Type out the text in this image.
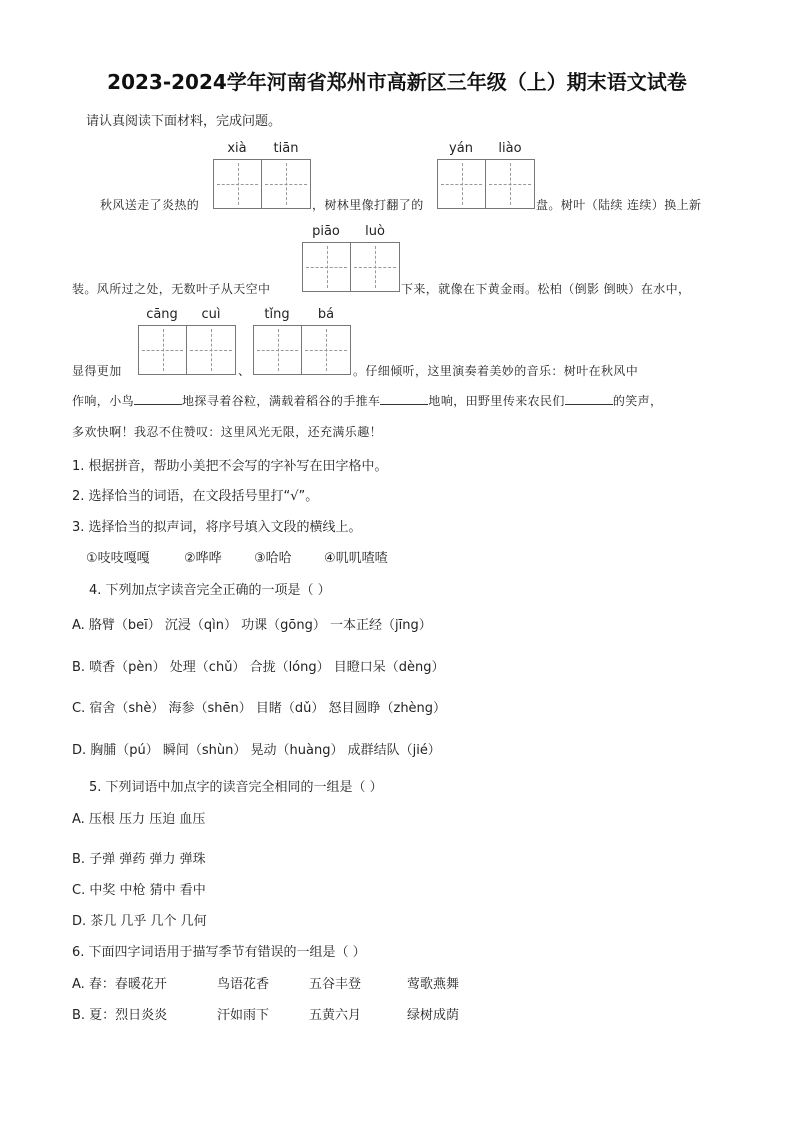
2023-2024学年河南省郑州市高新区三年级（上）期末语文试卷
请认真阅读下面材料，完成问题。
xià	tiān	yán	liào
秋风送走了炎热的	，树林里像打翻了的	盘。树叶（陆续 连续）换上新
piāo	luò
装。风所过之处，无数叶子从天空中	下来，就像在下黄金雨。松柏（倒影 倒映）在水中，
cāng	cuì	tǐng	bá
显得更加	、	。仔细倾听，这里演奏着美妙的音乐：树叶在秋风中
作响，小鸟	地探寻着谷粒，满载着稻谷的手推车	地响，田野里传来农民们	的笑声，
多欢快啊！我忍不住赞叹：这里风光无限，还充满乐趣！
1. 根据拼音，帮助小美把不会写的字补写在田字格中。
2. 选择恰当的词语，在文段括号里打“√”。
3. 选择恰当的拟声词，将序号填入文段的横线上。
①吱吱嘎嘎	②哗哗 ③哈哈 ④叽叽喳喳
4. 下列加点字读音完全正确的一项是（ ）
A. 胳臂（beī） 沉浸（qìn） 功课（gōng） 一本正经（jīng）
B. 喷香（pèn） 处理（chǔ） 合拢（lóng） 目瞪口呆（dèng）
C. 宿舍（shè） 海参（shēn） 目睹（dǔ） 怒目圆睁（zhèng）
D. 胸脯（pú） 瞬间（shùn） 晃动（huàng） 成群结队（jié）
5. 下列词语中加点字的读音完全相同的一组是（ ）
A. 压根 压力 压迫 血压
B. 子弹 弹药 弹力 弹珠
C. 中奖 中枪 猜中 看中
D. 茶几 几乎 几个 几何
6. 下面四字词语用于描写季节有错误的一组是（ ）
A. 春：春暖花开	鸟语花香	五谷丰登	莺歌燕舞
B. 夏：烈日炎炎	汗如雨下	五黄六月	绿树成荫
